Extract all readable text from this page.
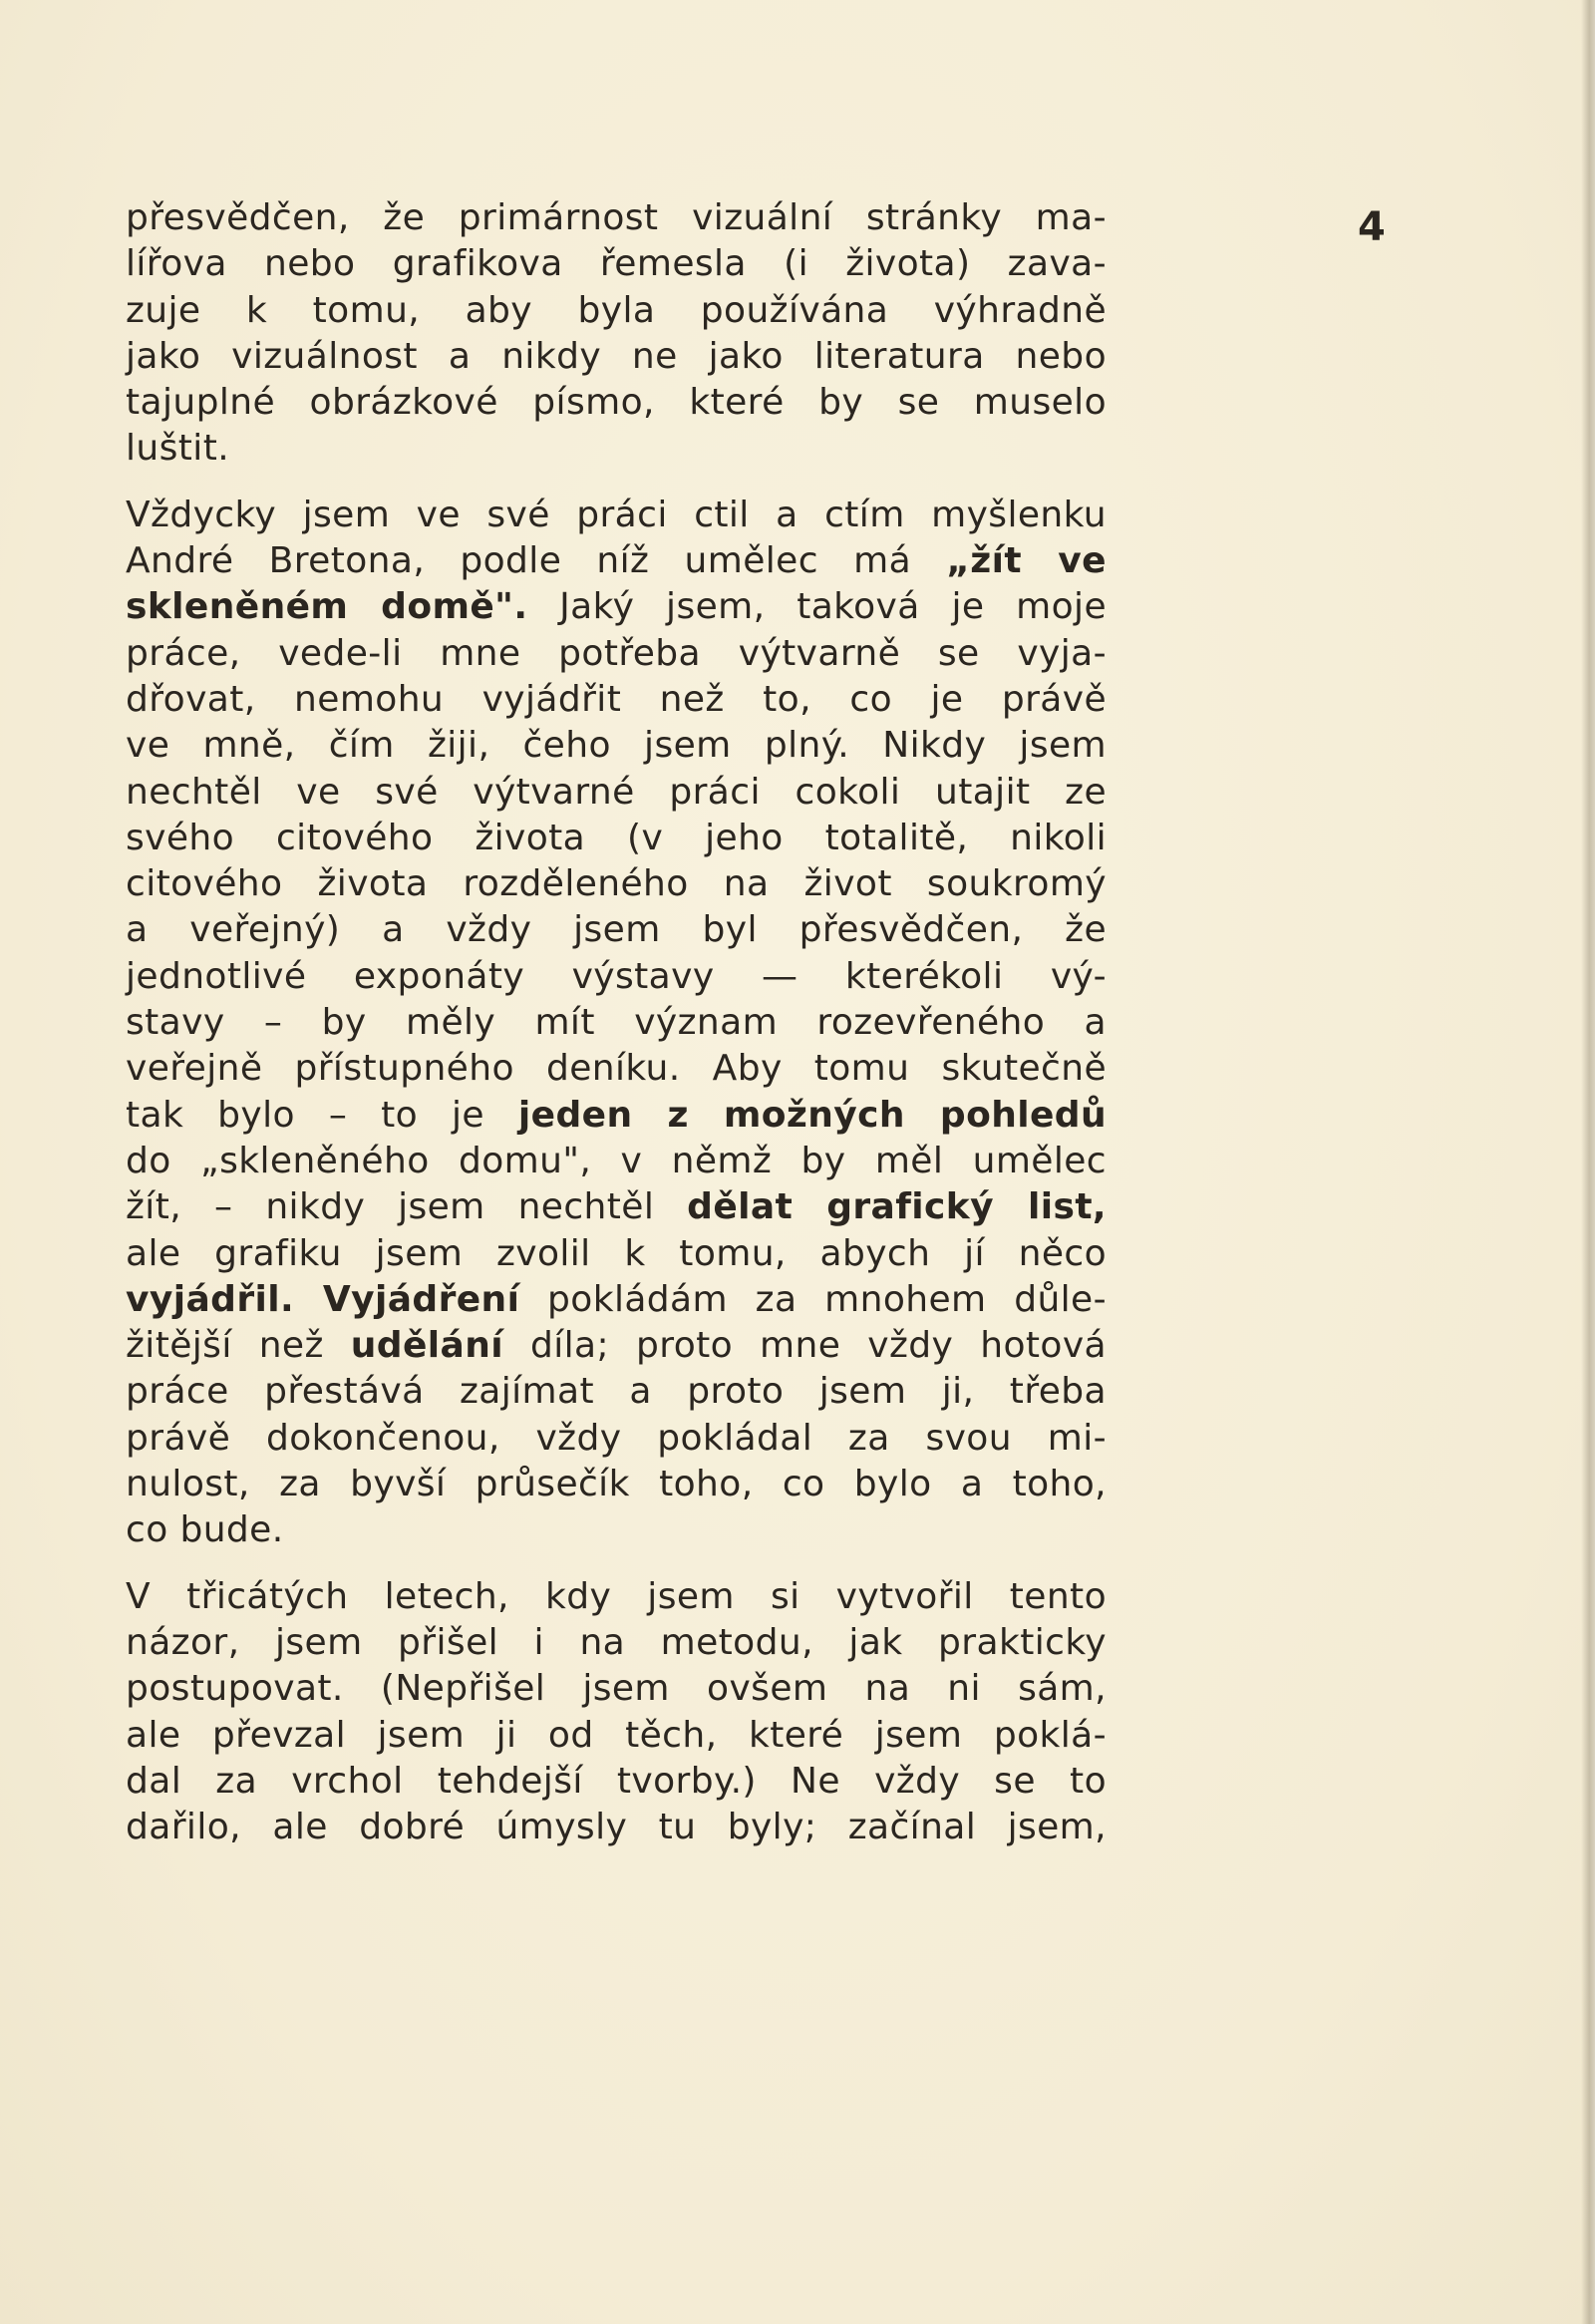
4
přesvědčen, že primárnost vizuální stránky ma-
lířova nebo grafikova řemesla (i života) zava-
zuje k tomu, aby byla používána výhradně
jako vizuálnost a nikdy ne jako literatura nebo
tajuplné obrázkové písmo, které by se muselo
luštit.
Vždycky jsem ve své práci ctil a ctím myšlenku
André Bretona, podle níž umělec má „žít ve
skleněném domě". Jaký jsem, taková je moje
práce, vede-li mne potřeba výtvarně se vyja-
dřovat, nemohu vyjádřit než to, co je právě
ve mně, čím žiji, čeho jsem plný. Nikdy jsem
nechtěl ve své výtvarné práci cokoli utajit ze
svého citového života (v jeho totalitě, nikoli
citového života rozděleného na život soukromý
a veřejný) a vždy jsem byl přesvědčen, že
jednotlivé exponáty výstavy — kterékoli vý-
stavy – by měly mít význam rozevřeného a
veřejně přístupného deníku. Aby tomu skutečně
tak bylo – to je jeden z možných pohledů
do „skleněného domu", v němž by měl umělec
žít, – nikdy jsem nechtěl dělat grafický list,
ale grafiku jsem zvolil k tomu, abych jí něco
vyjádřil. Vyjádření pokládám za mnohem důle-
žitější než udělání díla; proto mne vždy hotová
práce přestává zajímat a proto jsem ji, třeba
právě dokončenou, vždy pokládal za svou mi-
nulost, za byvší průsečík toho, co bylo a toho,
co bude.
V třicátých letech, kdy jsem si vytvořil tento
názor, jsem přišel i na metodu, jak prakticky
postupovat. (Nepřišel jsem ovšem na ni sám,
ale převzal jsem ji od těch, které jsem poklá-
dal za vrchol tehdejší tvorby.) Ne vždy se to
dařilo, ale dobré úmysly tu byly; začínal jsem,
